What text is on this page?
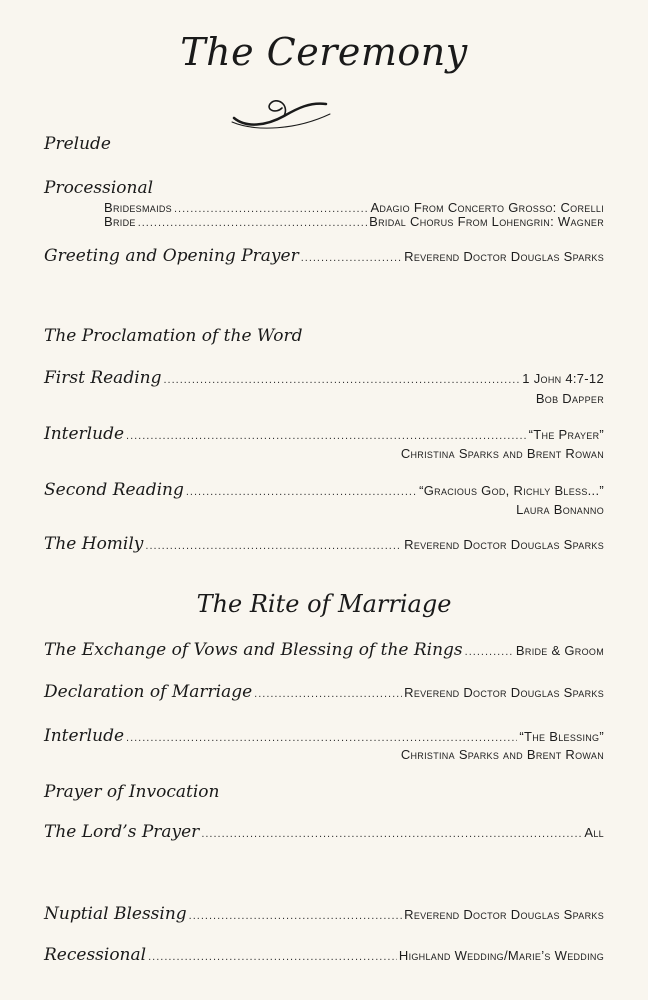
The Ceremony
Prelude
Processional
Bridesmaids .....	Adagio From Concerto Grosso: Corelli
Bride .....	Bridal Chorus From Lohengrin: Wagner
Greeting and Opening Prayer .....	Reverend Doctor Douglas Sparks
The Proclamation of the Word
First Reading .....	1 John 4:7-12
Bob Dapper
Interlude .....	“The Prayer”
Christina Sparks and Brent Rowan
Second Reading .....	“Gracious God, Richly Bless...”
Laura Bonanno
The Homily .....	Reverend Doctor Douglas Sparks
The Rite of Marriage
The Exchange of Vows and Blessing of the Rings .....	Bride & Groom
Declaration of Marriage .....	Reverend Doctor Douglas Sparks
Interlude .....	“The Blessing”
Christina Sparks and Brent Rowan
Prayer of Invocation
The Lord’s Prayer .....	All
Nuptial Blessing .....	Reverend Doctor Douglas Sparks
Recessional .....	Highland Wedding/Marie’s Wedding
